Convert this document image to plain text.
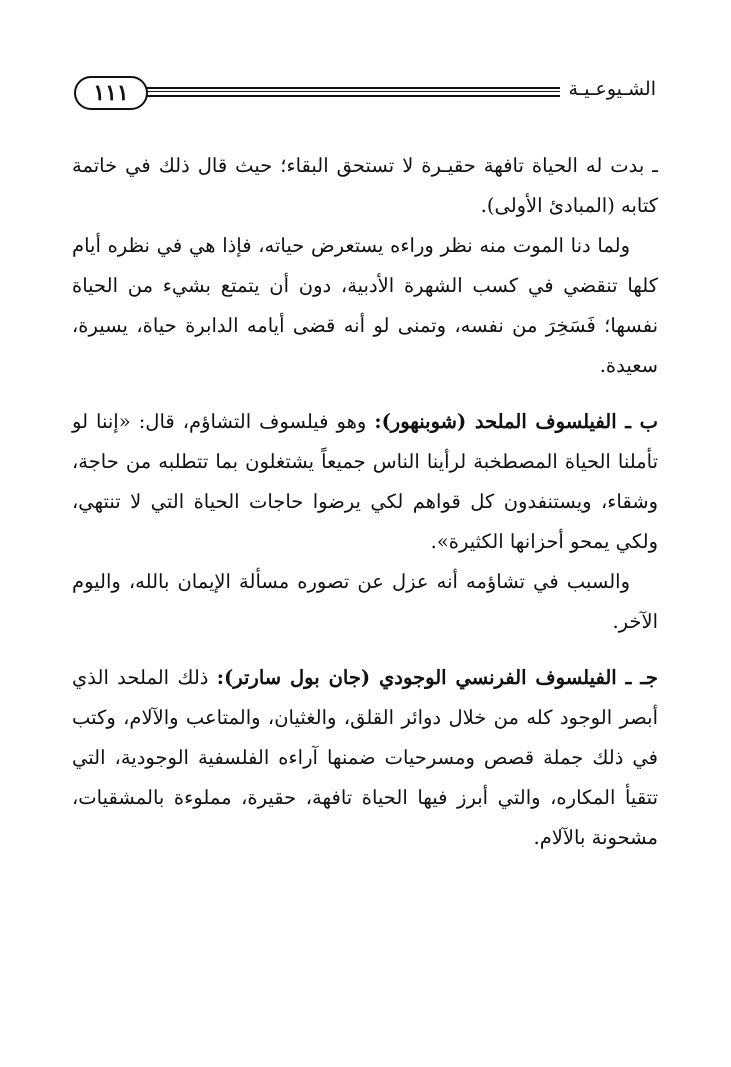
١١١	الشـيوعـيـة

ـ بدت له الحياة تافهة حقيـرة لا تستحق البقاء؛ حيث قال ذلك في خاتمة كتابه (المبادئ الأولى).

ولما دنا الموت منه نظر وراءه يستعرض حياته، فإذا هي في نظره أيام كلها تنقضي في كسب الشهرة الأدبية، دون أن يتمتع بشيء من الحياة نفسها؛ فَسَخِرَ من نفسه، وتمنى لو أنه قضى أيامه الدابرة حياة، يسيرة، سعيدة.

ب ـ الفيلسوف الملحد (شوبنهور): وهو فيلسوف التشاؤم، قال: «إننا لو تأملنا الحياة المصطخبة لرأينا الناس جميعاً يشتغلون بما تتطلبه من حاجة، وشقاء، ويستنفدون كل قواهم لكي يرضوا حاجات الحياة التي لا تنتهي، ولكي يمحو أحزانها الكثيرة».

والسبب في تشاؤمه أنه عزل عن تصوره مسألة الإيمان بالله، واليوم الآخر.

جـ ـ الفيلسوف الفرنسي الوجودي (جان بول سارتر): ذلك الملحد الذي أبصر الوجود كله من خلال دوائر القلق، والغثيان، والمتاعب والآلام، وكتب في ذلك جملة قصص ومسرحيات ضمنها آراءه الفلسفية الوجودية، التي تتقيأ المكاره، والتي أبرز فيها الحياة تافهة، حقيرة، مملوءة بالمشقيات، مشحونة بالآلام.
